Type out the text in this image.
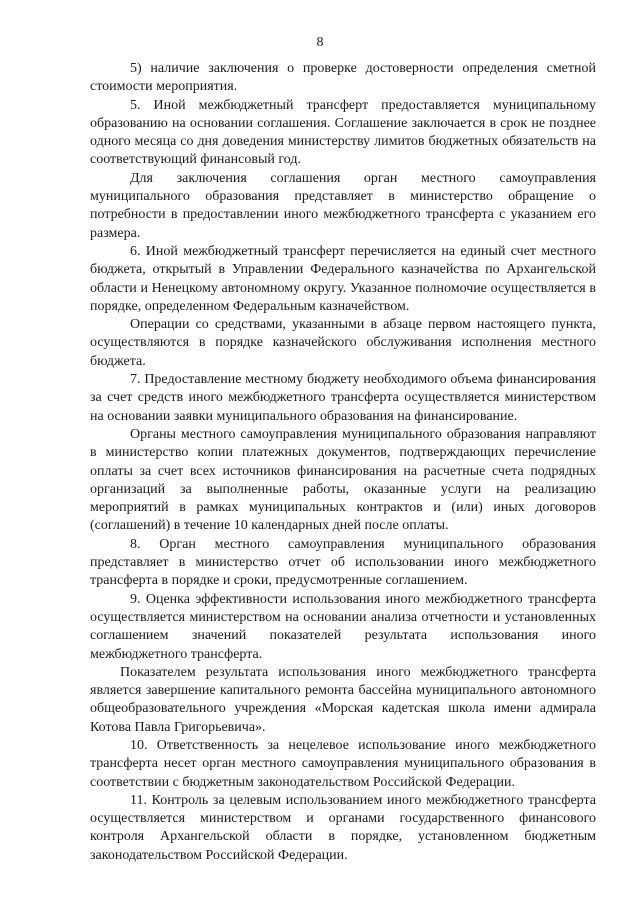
8

5) наличие заключения о проверке достоверности определения сметной стоимости мероприятия.

5. Иной межбюджетный трансферт предоставляется муниципальному образованию на основании соглашения. Соглашение заключается в срок не позднее одного месяца со дня доведения министерству лимитов бюджетных обязательств на соответствующий финансовый год.

Для заключения соглашения орган местного самоуправления муниципального образования представляет в министерство обращение о потребности в предоставлении иного межбюджетного трансферта с указанием его размера.

6. Иной межбюджетный трансферт перечисляется на единый счет местного бюджета, открытый в Управлении Федерального казначейства по Архангельской области и Ненецкому автономному округу. Указанное полномочие осуществляется в порядке, определенном Федеральным казначейством.

Операции со средствами, указанными в абзаце первом настоящего пункта, осуществляются в порядке казначейского обслуживания исполнения местного бюджета.

7. Предоставление местному бюджету необходимого объема финансирования за счет средств иного межбюджетного трансферта осуществляется министерством на основании заявки муниципального образования на финансирование.

Органы местного самоуправления муниципального образования направляют в министерство копии платежных документов, подтверждающих перечисление оплаты за счет всех источников финансирования на расчетные счета подрядных организаций за выполненные работы, оказанные услуги на реализацию мероприятий в рамках муниципальных контрактов и (или) иных договоров (соглашений) в течение 10 календарных дней после оплаты.

8. Орган местного самоуправления муниципального образования представляет в министерство отчет об использовании иного межбюджетного трансферта в порядке и сроки, предусмотренные соглашением.

9. Оценка эффективности использования иного межбюджетного трансферта осуществляется министерством на основании анализа отчетности и установленных соглашением значений показателей результата использования иного межбюджетного трансферта.

Показателем результата использования иного межбюджетного трансферта является завершение капитального ремонта бассейна муниципального автономного общеобразовательного учреждения «Морская кадетская школа имени адмирала Котова Павла Григорьевича».

10. Ответственность за нецелевое использование иного межбюджетного трансферта несет орган местного самоуправления муниципального образования в соответствии с бюджетным законодательством Российской Федерации.

11. Контроль за целевым использованием иного межбюджетного трансферта осуществляется министерством и органами государственного финансового контроля Архангельской области в порядке, установленном бюджетным законодательством Российской Федерации.
